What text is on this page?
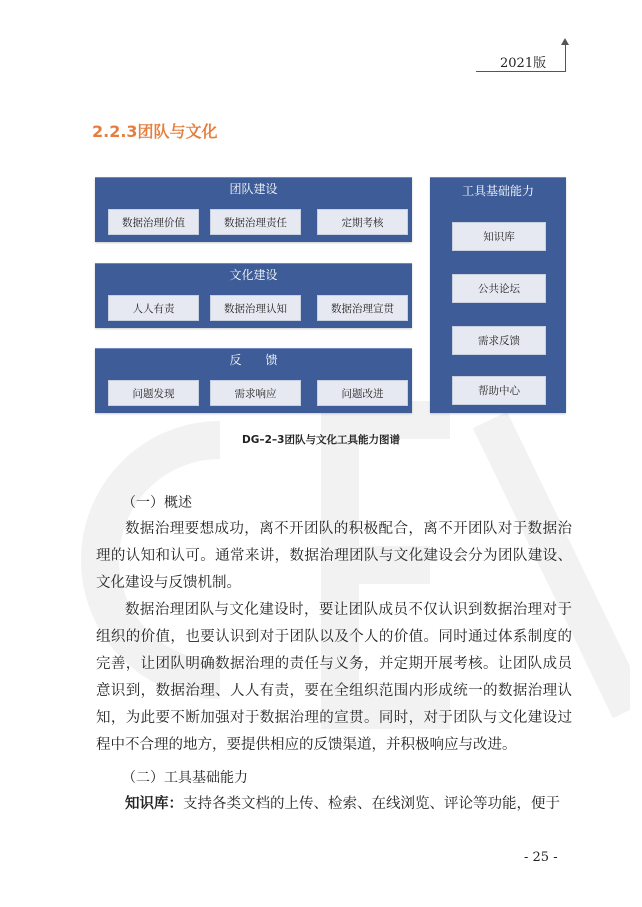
2021版
2.2.3团队与文化
团队建设
数据治理价值	数据治理责任	定期考核
文化建设
人人有责	数据治理认知	数据治理宣贯
反　　馈
问题发现	需求响应	问题改进
工具基础能力
知识库
公共论坛
需求反馈
帮助中心
DG–2–3团队与文化工具能力图谱
（一）概述
数据治理要想成功，离不开团队的积极配合，离不开团队对于数据治理的认知和认可。通常来讲，数据治理团队与文化建设会分为团队建设、文化建设与反馈机制。
数据治理团队与文化建设时，要让团队成员不仅认识到数据治理对于组织的价值，也要认识到对于团队以及个人的价值。同时通过体系制度的完善，让团队明确数据治理的责任与义务，并定期开展考核。让团队成员意识到，数据治理、人人有责，要在全组织范围内形成统一的数据治理认知，为此要不断加强对于数据治理的宣贯。同时，对于团队与文化建设过程中不合理的地方，要提供相应的反馈渠道，并积极响应与改进。
（二）工具基础能力
知识库：支持各类文档的上传、检索、在线浏览、评论等功能，便于
- 25 -
